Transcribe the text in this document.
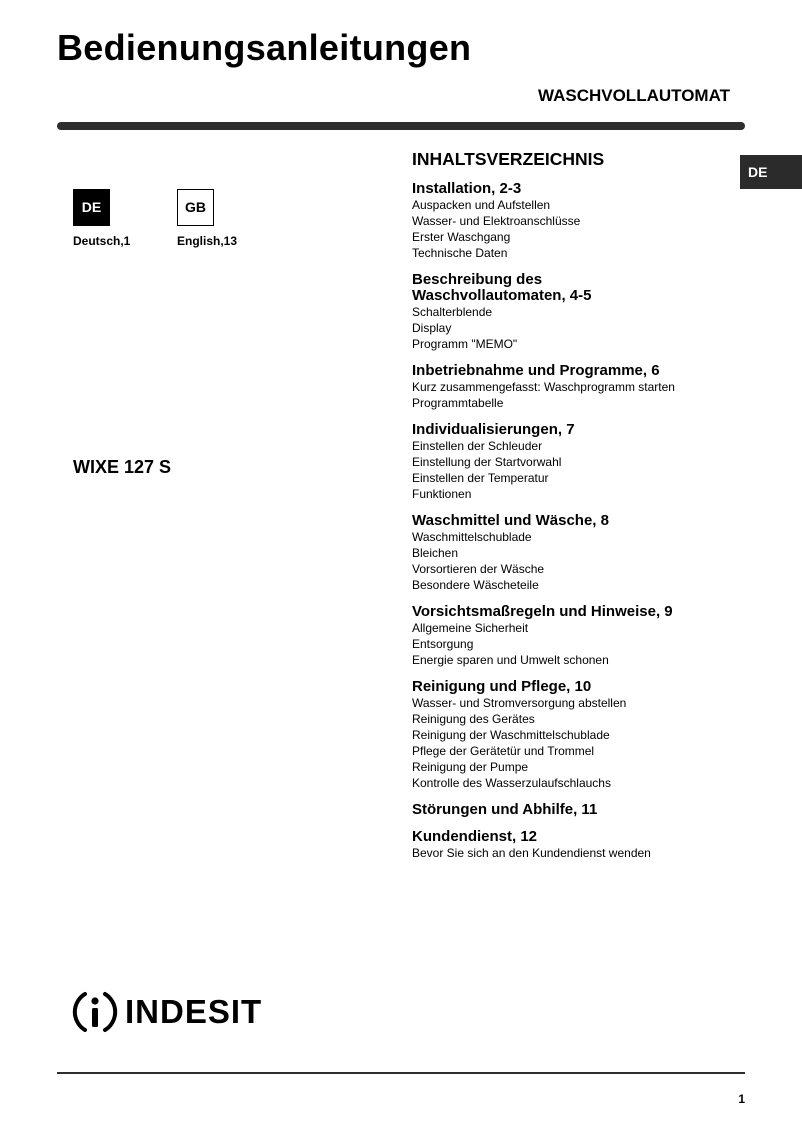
Bedienungsanleitungen
WASCHVOLLAUTOMAT
DE
DE	GB
Deutsch,1	English,13
WIXE 127 S
INHALTSVERZEICHNIS
Installation, 2-3
Auspacken und Aufstellen
Wasser- und Elektroanschlüsse
Erster Waschgang
Technische Daten
Beschreibung des
Waschvollautomaten, 4-5
Schalterblende
Display
Programm "MEMO"
Inbetriebnahme und Programme, 6
Kurz zusammengefasst: Waschprogramm starten
Programmtabelle
Individualisierungen, 7
Einstellen der Schleuder
Einstellung der Startvorwahl
Einstellen der Temperatur
Funktionen
Waschmittel und Wäsche, 8
Waschmittelschublade
Bleichen
Vorsortieren der Wäsche
Besondere Wäscheteile
Vorsichtsmaßregeln und Hinweise, 9
Allgemeine Sicherheit
Entsorgung
Energie sparen und Umwelt schonen
Reinigung und Pflege, 10
Wasser- und Stromversorgung abstellen
Reinigung des Gerätes
Reinigung der Waschmittelschublade
Pflege der Gerätetür und Trommel
Reinigung der Pumpe
Kontrolle des Wasserzulaufschlauchs
Störungen und Abhilfe, 11
Kundendienst, 12
Bevor Sie sich an den Kundendienst wenden
INDESIT
1
